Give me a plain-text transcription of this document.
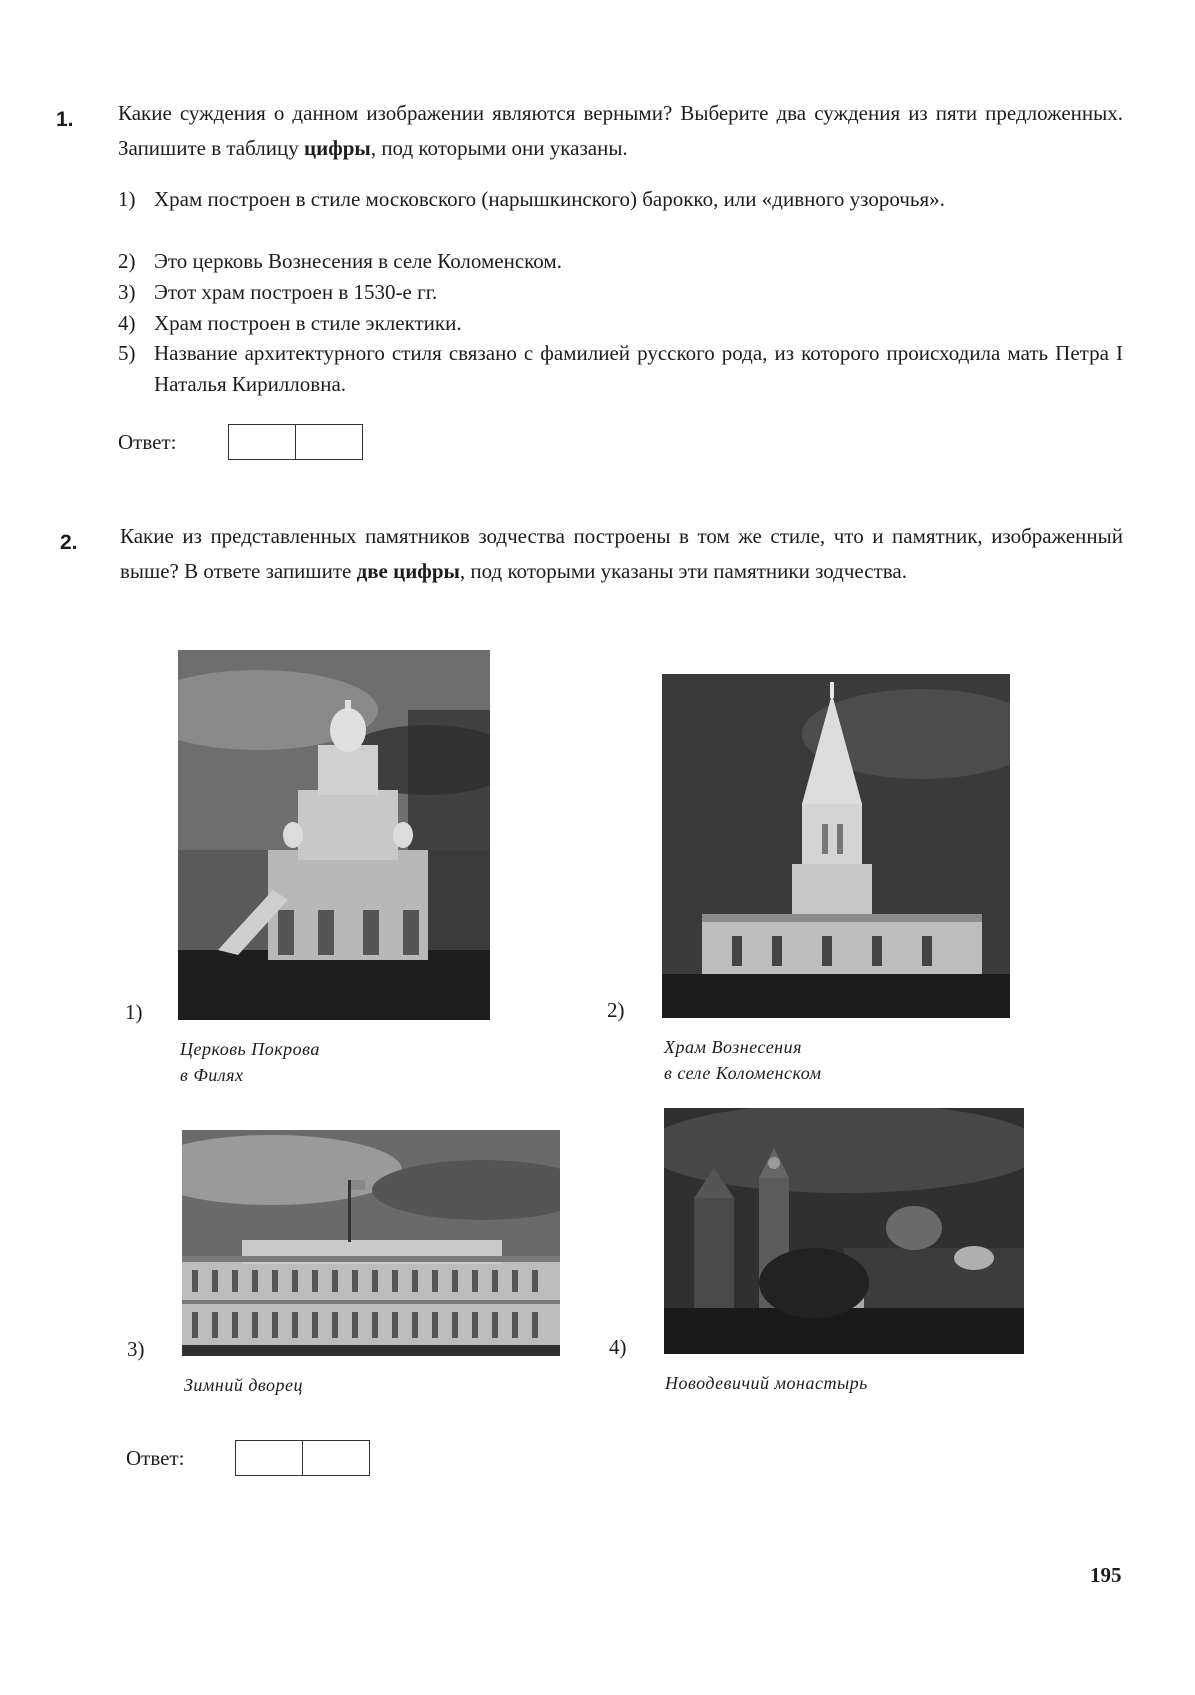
1. Какие суждения о данном изображении являются верными? Выберите два суждения из пяти предложенных. Запишите в таблицу цифры, под которыми они указаны.
1) Храм построен в стиле московского (нарышкинского) барокко, или «дивного узорочья».
2) Это церковь Вознесения в селе Коломенском.
3) Этот храм построен в 1530-е гг.
4) Храм построен в стиле эклектики.
5) Название архитектурного стиля связано с фамилией русского рода, из которого происходила мать Петра I Наталья Кирилловна.
Ответ:
2. Какие из представленных памятников зодчества построены в том же стиле, что и памятник, изображенный выше? В ответе запишите две цифры, под которыми указаны эти памятники зодчества.
1)
Церковь Покрова
в Филях
2)
Храм Вознесения
в селе Коломенском
3)
Зимний дворец
4)
Новодевичий монастырь
Ответ:
195
